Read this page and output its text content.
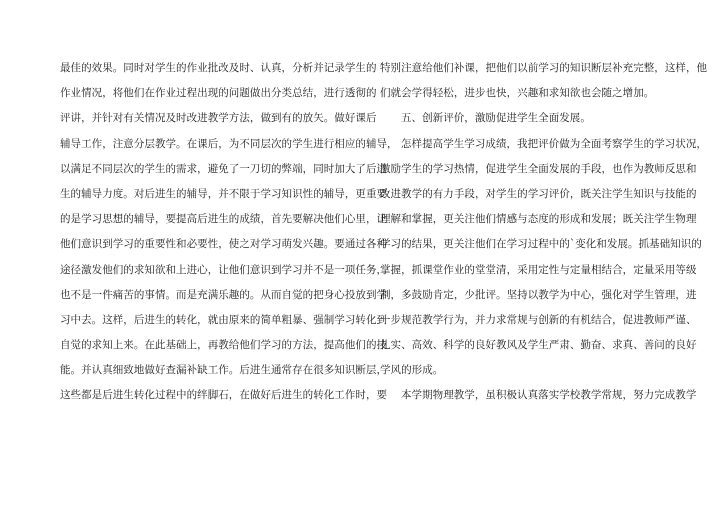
最佳的效果。同时对学生的作业批改及时、认真，分析并记录学生的
作业情况，将他们在作业过程出现的问题做出分类总结，进行透彻的
评讲，并针对有关情况及时改进教学方法，做到有的放矢。做好课后
辅导工作，注意分层教学。在课后，为不同层次的学生进行相应的辅导，
以满足不同层次的学生的需求，避免了一刀切的弊端，同时加大了后进
生的辅导力度。对后进生的辅导，并不限于学习知识性的辅导，更重要
的是学习思想的辅导，要提高后进生的成绩，首先要解决他们心里，让
他们意识到学习的重要性和必要性，使之对学习萌发兴趣。要通过各种
途径激发他们的求知欲和上进心，让他们意识到学习并不是一项任务，
也不是一件痛苦的事情。而是充满乐趣的。从而自觉的把身心投放到学
习中去。这样，后进生的转化，就由原来的简单粗暴、强制学习转化到
自觉的求知上来。在此基础上，再教给他们学习的方法，提高他们的技
能。并认真细致地做好查漏补缺工作。后进生通常存在很多知识断层，
这些都是后进生转化过程中的绊脚石，在做好后进生的转化工作时，要
特别注意给他们补课，把他们以前学习的知识断层补充完整，这样，他
们就会学得轻松，进步也快，兴趣和求知欲也会随之增加。
五、创新评价，激励促进学生全面发展。
怎样提高学生学习成绩，我把评价做为全面考察学生的学习状况，
激励学生的学习热情，促进学生全面发展的手段，也作为教师反思和
改进教学的有力手段，对学生的学习评价，既关注学生知识与技能的
理解和掌握，更关注他们情感与态度的形成和发展；既关注学生物理
学习的结果，更关注他们在学习过程中的`变化和发展。抓基础知识的
掌握，抓课堂作业的堂堂清，采用定性与定量相结合，定量采用等级
制，多鼓励肯定，少批评。坚持以教学为中心，强化对学生管理，进
一步规范教学行为，并力求常规与创新的有机结合，促进教师严谨、
扎实、高效、科学的良好教风及学生严肃、勤奋、求真、善问的良好
学风的形成。
本学期物理教学，虽积极认真落实学校教学常规，努力完成教学
